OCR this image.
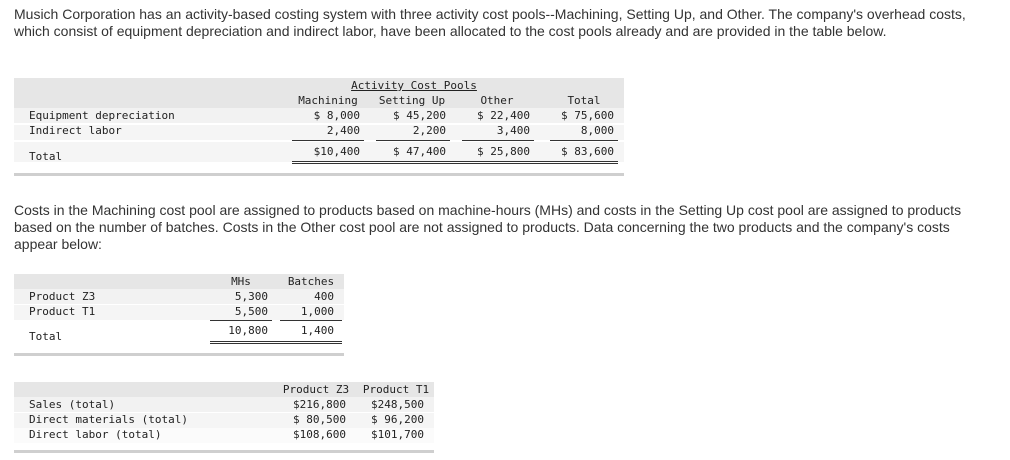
Musich Corporation has an activity-based costing system with three activity cost pools--Machining, Setting Up, and Other. The company's overhead costs, which consist of equipment depreciation and indirect labor, have been allocated to the cost pools already and are provided in the table below.
Activity Cost Pools
Machining	Setting Up	Other	Total
Equipment depreciation	$ 8,000	$ 45,200	$ 22,400	$ 75,600
Indirect labor	2,400	2,200	3,400	8,000
Total	$10,400	$ 47,400	$ 25,800	$ 83,600
Costs in the Machining cost pool are assigned to products based on machine-hours (MHs) and costs in the Setting Up cost pool are assigned to products based on the number of batches. Costs in the Other cost pool are not assigned to products. Data concerning the two products and the company's costs appear below:
MHs	Batches
Product Z3	5,300	400
Product T1	5,500	1,000
Total	10,800	1,400
Product Z3	Product T1
Sales (total)	$216,800	$248,500
Direct materials (total)	$ 80,500	$ 96,200
Direct labor (total)	$108,600	$101,700
